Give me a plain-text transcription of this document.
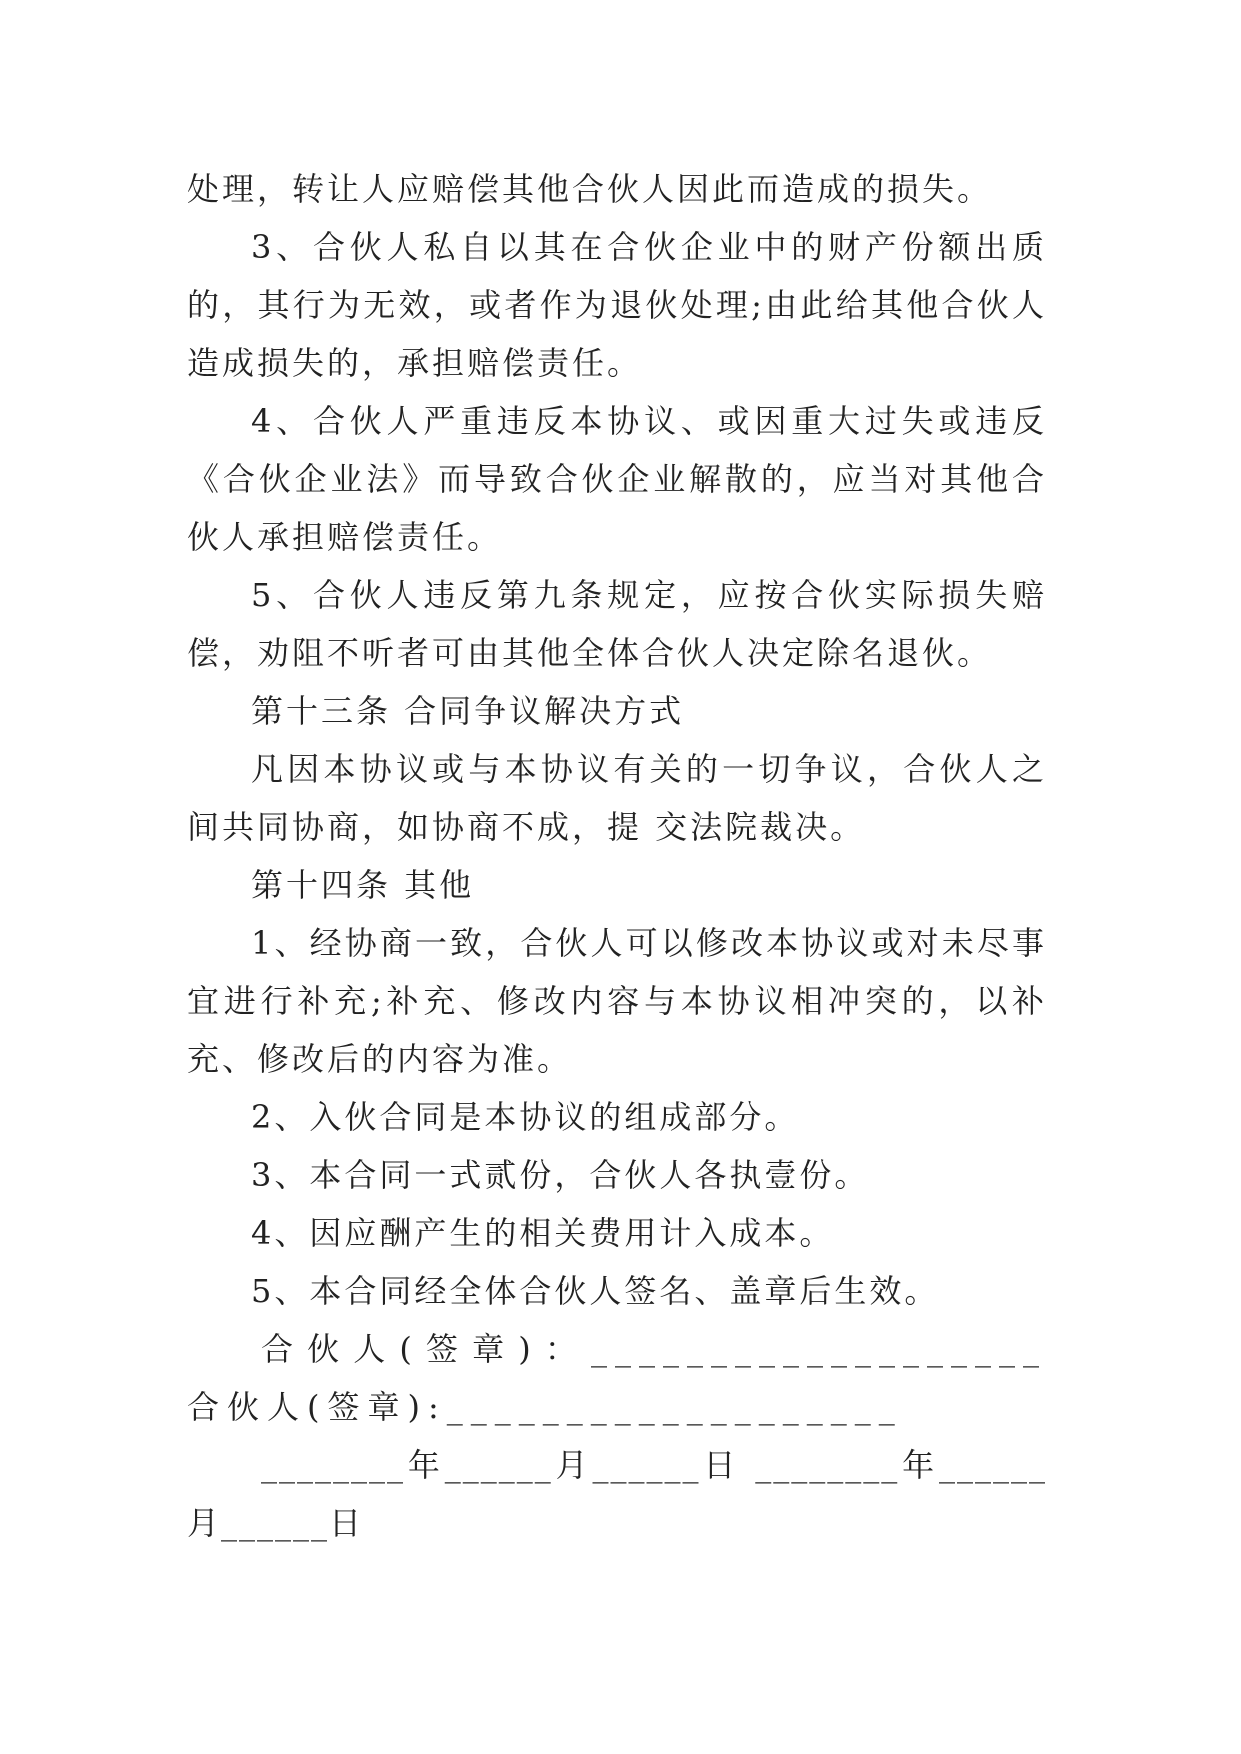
处理，转让人应赔偿其他合伙人因此而造成的损失。

3、合伙人私自以其在合伙企业中的财产份额出质的，其行为无效，或者作为退伙处理;由此给其他合伙人造成损失的，承担赔偿责任。

4、合伙人严重违反本协议、或因重大过失或违反《合伙企业法》而导致合伙企业解散的，应当对其他合伙人承担赔偿责任。

5、合伙人违反第九条规定，应按合伙实际损失赔偿，劝阻不听者可由其他全体合伙人决定除名退伙。

第十三条 合同争议解决方式

凡因本协议或与本协议有关的一切争议，合伙人之间共同协商，如协商不成，提 交法院裁决。

第十四条 其他

1、经协商一致，合伙人可以修改本协议或对未尽事宜进行补充;补充、修改内容与本协议相冲突的，以补充、修改后的内容为准。

2、入伙合同是本协议的组成部分。

3、本合同一式贰份，合伙人各执壹份。

4、因应酬产生的相关费用计入成本。

5、本合同经全体合伙人签名、盖章后生效。

合伙人(签章)：___________________ 合伙人(签章):___________________

________年______月______日 ________年______月______日
